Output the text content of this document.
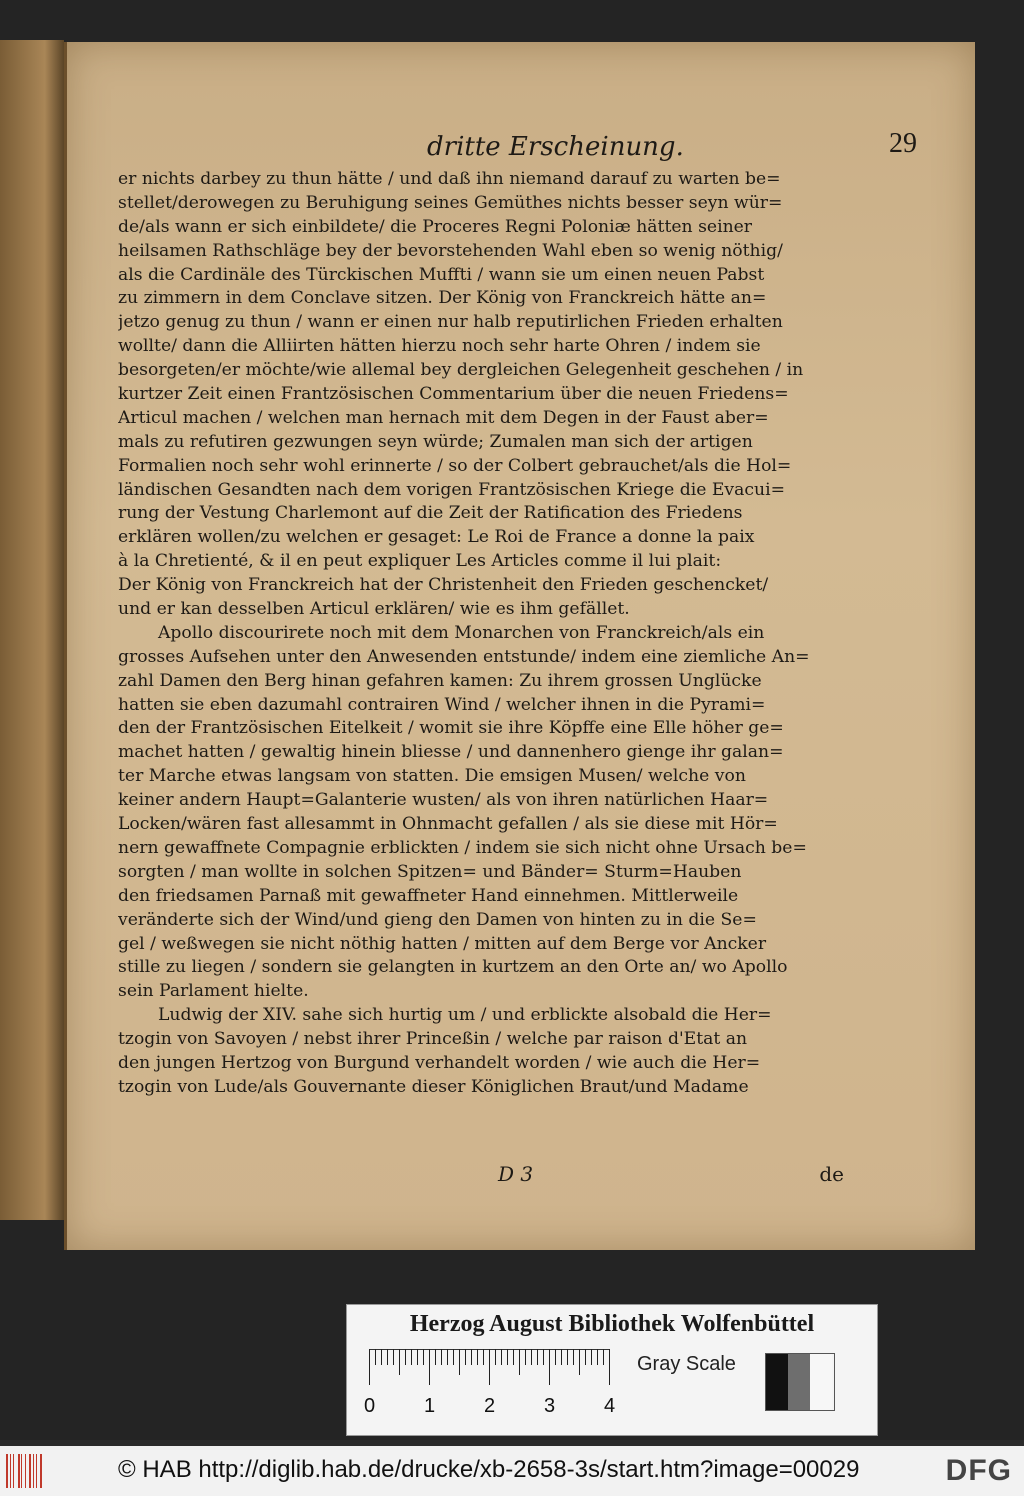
dritte Erscheinung.	29
er nichts darbey zu thun hätte / und daß ihn niemand darauf zu warten be=
stellet/derowegen zu Beruhigung seines Gemüthes nichts besser seyn wür=
de/als wann er sich einbildete/ die Proceres Regni Poloniæ hätten seiner
heilsamen Rathschläge bey der bevorstehenden Wahl eben so wenig nöthig/
als die Cardinäle des Türckischen Muffti / wann sie um einen neuen Pabst
zu zimmern in dem Conclave sitzen. Der König von Franckreich hätte an=
jetzo genug zu thun / wann er einen nur halb reputirlichen Frieden erhalten
wollte/ dann die Alliirten hätten hierzu noch sehr harte Ohren / indem sie
besorgeten/er möchte/wie allemal bey dergleichen Gelegenheit geschehen / in
kurtzer Zeit einen Frantzösischen Commentarium über die neuen Friedens=
Articul machen / welchen man hernach mit dem Degen in der Faust aber=
mals zu refutiren gezwungen seyn würde; Zumalen man sich der artigen
Formalien noch sehr wohl erinnerte / so der Colbert gebrauchet/als die Hol=
ländischen Gesandten nach dem vorigen Frantzösischen Kriege die Evacui=
rung der Vestung Charlemont auf die Zeit der Ratification des Friedens
erklären wollen/zu welchen er gesaget: Le Roi de France a donne la paix
à la Chretienté, & il en peut expliquer Les Articles comme il lui plait:
Der König von Franckreich hat der Christenheit den Frieden geschencket/
und er kan desselben Articul erklären/ wie es ihm gefället.
Apollo discourirete noch mit dem Monarchen von Franckreich/als ein
grosses Aufsehen unter den Anwesenden entstunde/ indem eine ziemliche An=
zahl Damen den Berg hinan gefahren kamen: Zu ihrem grossen Unglücke
hatten sie eben dazumahl contrairen Wind / welcher ihnen in die Pyrami=
den der Frantzösischen Eitelkeit / womit sie ihre Köpffe eine Elle höher ge=
machet hatten / gewaltig hinein bliesse / und dannenhero gienge ihr galan=
ter Marche etwas langsam von statten. Die emsigen Musen/ welche von
keiner andern Haupt=Galanterie wusten/ als von ihren natürlichen Haar=
Locken/wären fast allesammt in Ohnmacht gefallen / als sie diese mit Hör=
nern gewaffnete Compagnie erblickten / indem sie sich nicht ohne Ursach be=
sorgten / man wollte in solchen Spitzen= und Bänder= Sturm=Hauben
den friedsamen Parnaß mit gewaffneter Hand einnehmen. Mittlerweile
veränderte sich der Wind/und gieng den Damen von hinten zu in die Se=
gel / weßwegen sie nicht nöthig hatten / mitten auf dem Berge vor Ancker
stille zu liegen / sondern sie gelangten in kurtzem an den Orte an/ wo Apollo
sein Parlament hielte.
Ludwig der XIV. sahe sich hurtig um / und erblickte alsobald die Her=
tzogin von Savoyen / nebst ihrer Princeßin / welche par raison d'Etat an
den jungen Hertzog von Burgund verhandelt worden / wie auch die Her=
tzogin von Lude/als Gouvernante dieser Königlichen Braut/und Madame
D 3	de
Herzog August Bibliothek Wolfenbüttel
0 1 2 3 4
Gray Scale
© HAB http://diglib.hab.de/drucke/xb-2658-3s/start.htm?image=00029	DFG
